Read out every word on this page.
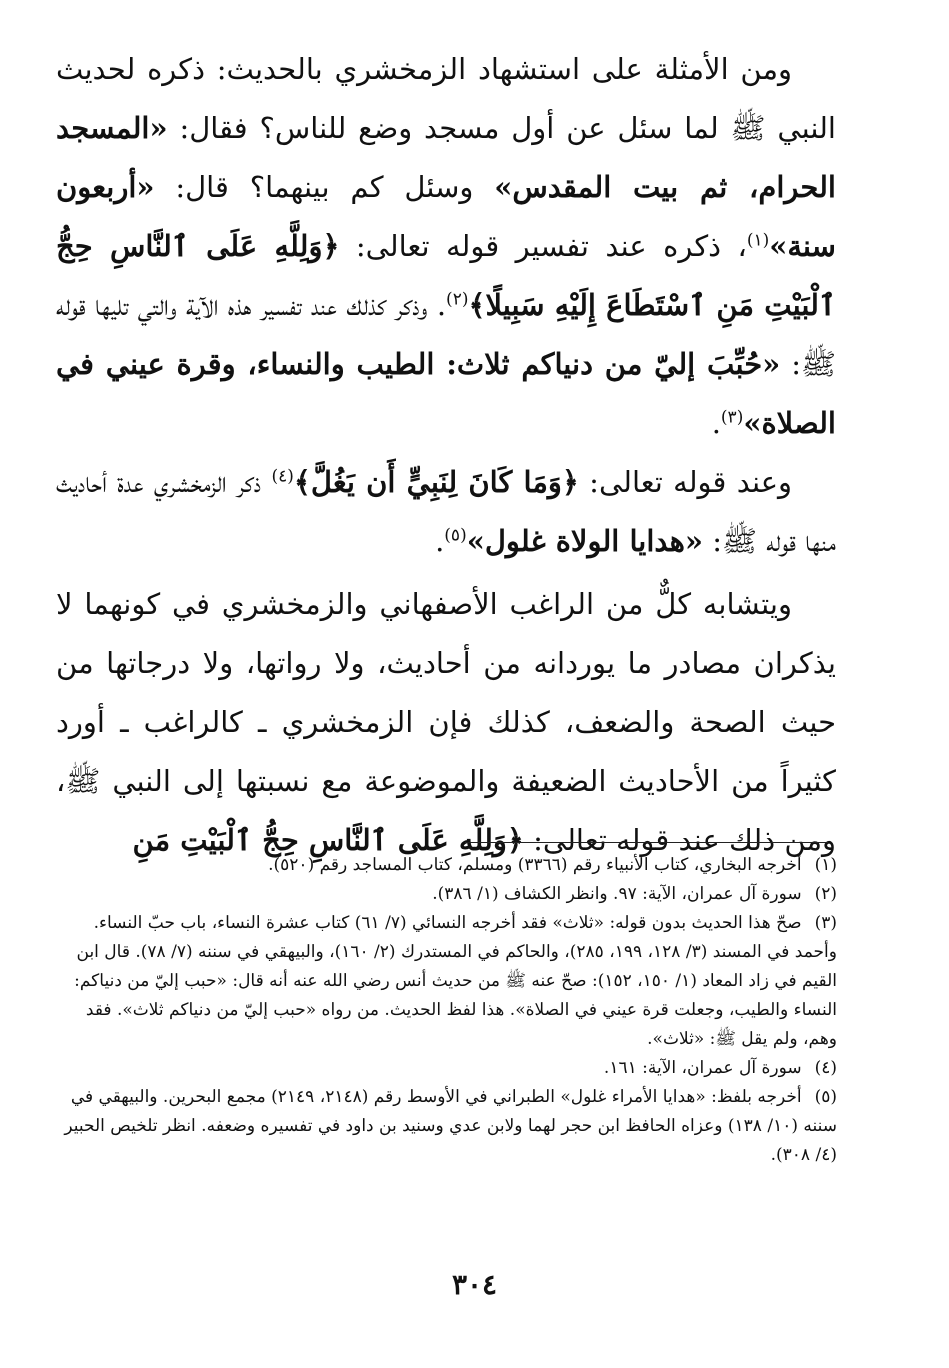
ومن الأمثلة على استشهاد الزمخشري بالحديث: ذكره لحديث النبي ﷺ لما سئل عن أول مسجد وضع للناس؟ فقال: «المسجد الحرام، ثم بيت المقدس» وسئل كم بينهما؟ قال: «أربعون سنة»$^{(١)}$، ذكره عند تفسير قوله تعالى: ﴿وَلِلَّهِ عَلَى ٱلنَّاسِ حِجُّ ٱلْبَيْتِ مَنِ ٱسْتَطَاعَ إِلَيْهِ سَبِيلًا﴾$^{(٢)}$. وذكر كذلك عند تفسير هذه الآية والتي تليها قوله ﷺ: «حُبِّبَ إليّ من دنياكم ثلاث: الطيب والنساء، وقرة عيني في الصلاة»$^{(٣)}$.

وعند قوله تعالى: ﴿وَمَا كَانَ لِنَبِيٍّ أَن يَغُلَّ﴾$^{(٤)}$ ذكر الزمخشري عدة أحاديث منها قوله ﷺ: «هدايا الولاة غلول»$^{(٥)}$.

ويتشابه كلٌّ من الراغب الأصفهاني والزمخشري في كونهما لا يذكران مصادر ما يوردانه من أحاديث، ولا رواتها، ولا درجاتها من حيث الصحة والضعف، كذلك فإن الزمخشري ـ كالراغب ـ أورد كثيراً من الأحاديث الضعيفة والموضوعة مع نسبتها إلى النبي ﷺ، ومن ذلك عند قوله تعالى: ﴿وَلِلَّهِ عَلَى ٱلنَّاسِ حِجُّ ٱلْبَيْتِ مَنِ

(١) أخرجه البخاري، كتاب الأنبياء رقم (٣٣٦٦) ومسلم، كتاب المساجد رقم (٥٢٠).

(٢) سورة آل عمران، الآية: ٩٧. وانظر الكشاف (١/ ٣٨٦).

(٣) صحّ هذا الحديث بدون قوله: «ثلاث» فقد أخرجه النسائي (٧/ ٦١) كتاب عشرة النساء، باب حبّ النساء. وأحمد في المسند (٣/ ١٢٨، ١٩٩، ٢٨٥)، والحاكم في المستدرك (٢/ ١٦٠)، والبيهقي في سننه (٧/ ٧٨). قال ابن القيم في زاد المعاد (١/ ١٥٠، ١٥٢): صحّ عنه ﷺ من حديث أنس رضي الله عنه أنه قال: «حبب إليّ من دنياكم: النساء والطيب، وجعلت قرة عيني في الصلاة». هذا لفظ الحديث. من رواه «حبب إليّ من دنياكم ثلاث». فقد وهم، ولم يقل ﷺ: «ثلاث».

(٤) سورة آل عمران، الآية: ١٦١.

(٥) أخرجه بلفظ: «هدايا الأمراء غلول» الطبراني في الأوسط رقم (٢١٤٨، ٢١٤٩) مجمع البحرين. والبيهقي في سننه (١٠/ ١٣٨) وعزاه الحافظ ابن حجر لهما ولابن عدي وسنيد بن داود في تفسيره وضعفه. انظر تلخيص الحبير (٤/ ٣٠٨).

٣٠٤
